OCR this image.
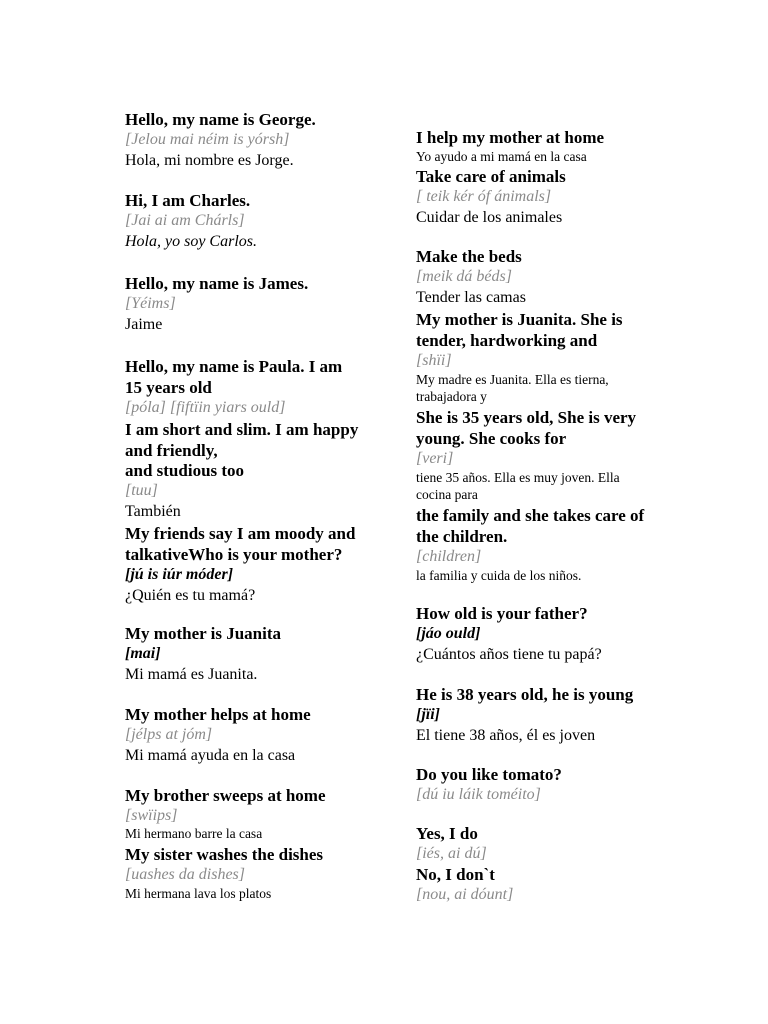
Hello, my name is George.
[Jelou mai néim is yórsh]
Hola, mi nombre es Jorge.
Hi, I am Charles.
[Jai ai am Chárls]
Hola, yo soy Carlos.
Hello, my name is James.
[Yéims]
Jaime
Hello, my name is Paula. I am
15 years old
[póla] [fiftïin yiars ould]
I am short and slim. I am happy
and friendly,
and studious too
[tuu]
También
My friends say I am moody and
talkativeWho is your mother?
[jú is iúr móder]
¿Quién es tu mamá?
My mother is Juanita
[mai]
Mi mamá es Juanita.
My mother helps at home
[jélps at jóm]
Mi mamá ayuda en la casa
My brother sweeps at home
[swïips]
Mi hermano barre la casa
My sister washes the dishes
[uashes da dishes]
Mi hermana lava los platos
I help my mother at home
Yo ayudo a mi mamá en la casa
Take care of animals
[ teik kér óf ánimals]
Cuidar de los animales
Make the beds
[meik dá béds]
Tender las camas
My mother is Juanita. She is
tender, hardworking and
[shïi]
My madre es Juanita. Ella es tierna,
trabajadora y
She is 35 years old, She is very
young. She cooks for
[veri]
tiene 35 años. Ella es muy joven. Ella
cocina para
the family and she takes care of
the children.
[children]
la familia y cuida de los niños.
How old is your father?
[jáo ould]
¿Cuántos años tiene tu papá?
He is 38 years old, he is young
[jïi]
El tiene 38 años, él es joven
Do you like tomato?
[dú iu láik toméito]
Yes, I do
[iés, ai dú]
No, I don`t
[nou, ai dóunt]
